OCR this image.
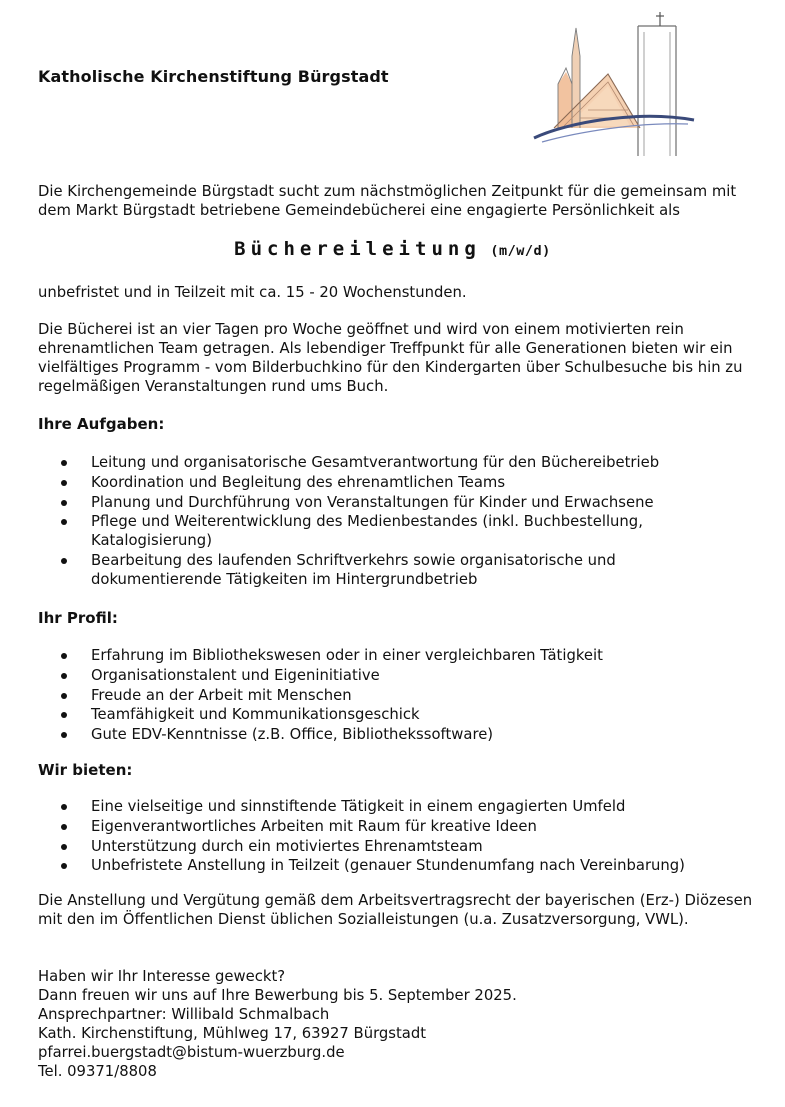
Katholische Kirchenstiftung Bürgstadt
Die Kirchengemeinde Bürgstadt sucht zum nächstmöglichen Zeitpunkt für die gemeinsam mit dem Markt Bürgstadt betriebene Gemeindebücherei eine engagierte Persönlichkeit als
Büchereileitung (m/w/d)
unbefristet und in Teilzeit mit ca. 15 - 20 Wochenstunden.
Die Bücherei ist an vier Tagen pro Woche geöffnet und wird von einem motivierten rein ehrenamtlichen Team getragen. Als lebendiger Treffpunkt für alle Generationen bieten wir ein vielfältiges Programm - vom Bilderbuchkino für den Kindergarten über Schulbesuche bis hin zu regelmäßigen Veranstaltungen rund ums Buch.
Ihre Aufgaben:
Leitung und organisatorische Gesamtverantwortung für den Büchereibetrieb
Koordination und Begleitung des ehrenamtlichen Teams
Planung und Durchführung von Veranstaltungen für Kinder und Erwachsene
Pflege und Weiterentwicklung des Medienbestandes (inkl. Buchbestellung, Katalogisierung)
Bearbeitung des laufenden Schriftverkehrs sowie organisatorische und dokumentierende Tätigkeiten im Hintergrundbetrieb
Ihr Profil:
Erfahrung im Bibliothekswesen oder in einer vergleichbaren Tätigkeit
Organisationstalent und Eigeninitiative
Freude an der Arbeit mit Menschen
Teamfähigkeit und Kommunikationsgeschick
Gute EDV-Kenntnisse (z.B. Office, Bibliothekssoftware)
Wir bieten:
Eine vielseitige und sinnstiftende Tätigkeit in einem engagierten Umfeld
Eigenverantwortliches Arbeiten mit Raum für kreative Ideen
Unterstützung durch ein motiviertes Ehrenamtsteam
Unbefristete Anstellung in Teilzeit (genauer Stundenumfang nach Vereinbarung)
Die Anstellung und Vergütung gemäß dem Arbeitsvertragsrecht der bayerischen (Erz-) Diözesen mit den im Öffentlichen Dienst üblichen Sozialleistungen (u.a. Zusatzversorgung, VWL).
Haben wir Ihr Interesse geweckt?
Dann freuen wir uns auf Ihre Bewerbung bis 5. September 2025.
Ansprechpartner: Willibald Schmalbach
Kath. Kirchenstiftung, Mühlweg 17, 63927 Bürgstadt
pfarrei.buergstadt@bistum-wuerzburg.de
Tel. 09371/8808
